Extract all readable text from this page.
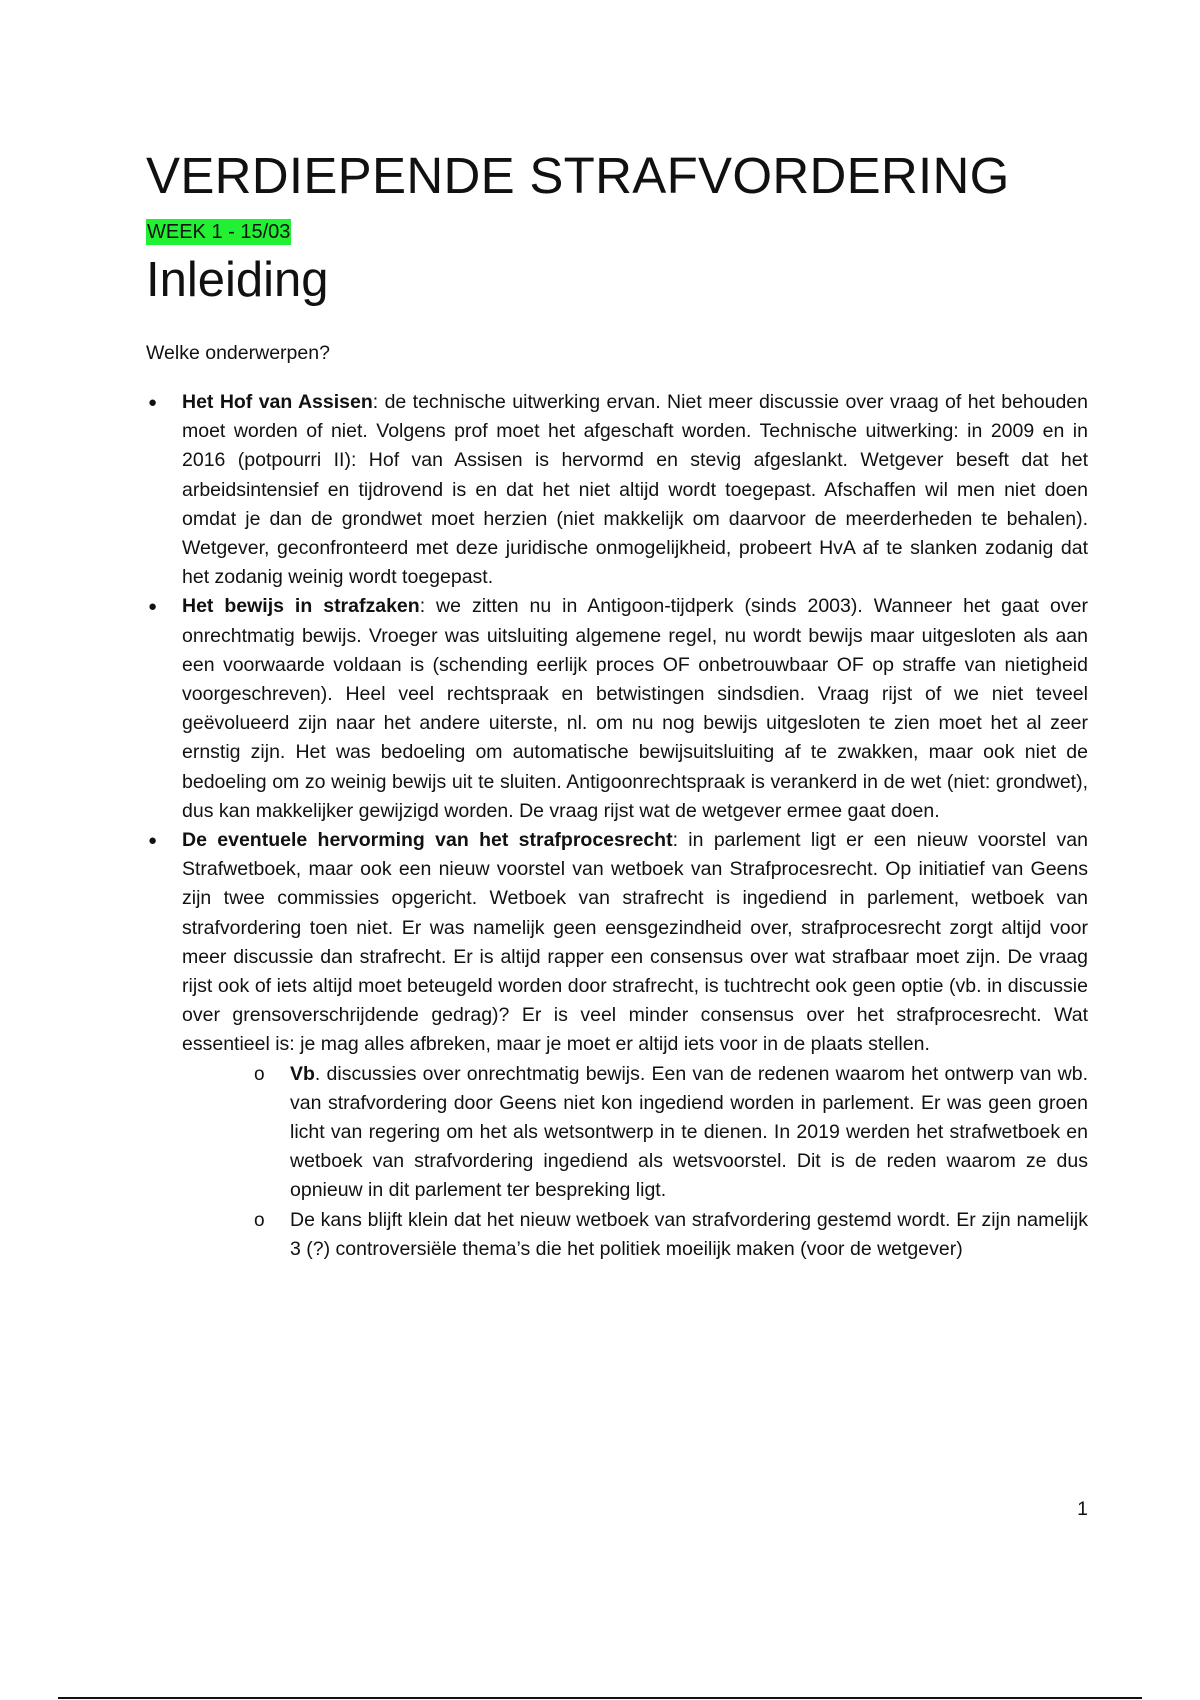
VERDIEPENDE STRAFVORDERING
WEEK 1 - 15/03
Inleiding

Welke onderwerpen?

● Het Hof van Assisen: de technische uitwerking ervan. Niet meer discussie over vraag of het behouden moet worden of niet. Volgens prof moet het afgeschaft worden. Technische uitwerking: in 2009 en in 2016 (potpourri II): Hof van Assisen is hervormd en stevig afgeslankt. Wetgever beseft dat het arbeidsintensief en tijdrovend is en dat het niet altijd wordt toegepast. Afschaffen wil men niet doen omdat je dan de grondwet moet herzien (niet makkelijk om daarvoor de meerderheden te behalen). Wetgever, geconfronteerd met deze juridische onmogelijkheid, probeert HvA af te slanken zodanig dat het zodanig weinig wordt toegepast.
● Het bewijs in strafzaken: we zitten nu in Antigoon-tijdperk (sinds 2003). Wanneer het gaat over onrechtmatig bewijs. Vroeger was uitsluiting algemene regel, nu wordt bewijs maar uitgesloten als aan een voorwaarde voldaan is (schending eerlijk proces OF onbetrouwbaar OF op straffe van nietigheid voorgeschreven). Heel veel rechtspraak en betwistingen sindsdien. Vraag rijst of we niet teveel geëvolueerd zijn naar het andere uiterste, nl. om nu nog bewijs uitgesloten te zien moet het al zeer ernstig zijn. Het was bedoeling om automatische bewijsuitsluiting af te zwakken, maar ook niet de bedoeling om zo weinig bewijs uit te sluiten. Antigoonrechtspraak is verankerd in de wet (niet: grondwet), dus kan makkelijker gewijzigd worden. De vraag rijst wat de wetgever ermee gaat doen.
● De eventuele hervorming van het strafprocesrecht: in parlement ligt er een nieuw voorstel van Strafwetboek, maar ook een nieuw voorstel van wetboek van Strafprocesrecht. Op initiatief van Geens zijn twee commissies opgericht. Wetboek van strafrecht is ingediend in parlement, wetboek van strafvordering toen niet. Er was namelijk geen eensgezindheid over, strafprocesrecht zorgt altijd voor meer discussie dan strafrecht. Er is altijd rapper een consensus over wat strafbaar moet zijn. De vraag rijst ook of iets altijd moet beteugeld worden door strafrecht, is tuchtrecht ook geen optie (vb. in discussie over grensoverschrijdende gedrag)? Er is veel minder consensus over het strafprocesrecht. Wat essentieel is: je mag alles afbreken, maar je moet er altijd iets voor in de plaats stellen.
o Vb. discussies over onrechtmatig bewijs. Een van de redenen waarom het ontwerp van wb. van strafvordering door Geens niet kon ingediend worden in parlement. Er was geen groen licht van regering om het als wetsontwerp in te dienen. In 2019 werden het strafwetboek en wetboek van strafvordering ingediend als wetsvoorstel. Dit is de reden waarom ze dus opnieuw in dit parlement ter bespreking ligt.
o De kans blijft klein dat het nieuw wetboek van strafvordering gestemd wordt. Er zijn namelijk 3 (?) controversiële thema’s die het politiek moeilijk maken (voor de wetgever)
1
